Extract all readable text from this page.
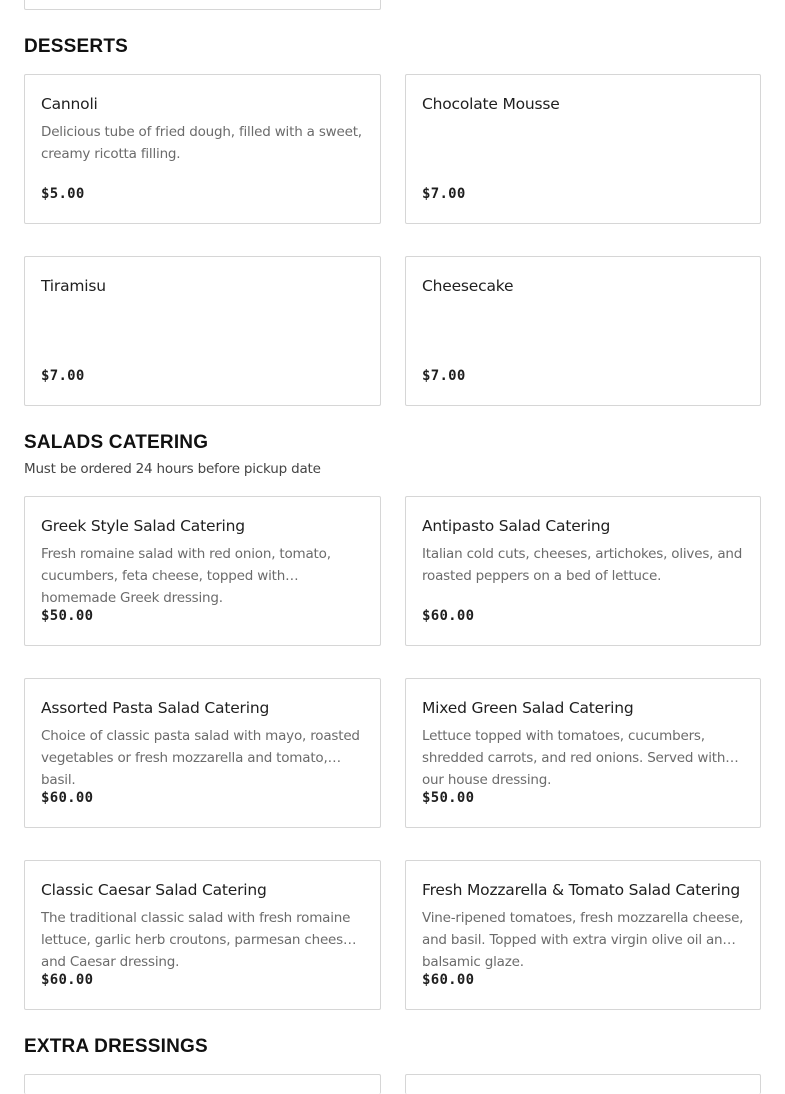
DESSERTS
Cannoli
Delicious tube of fried dough, filled with a sweet, creamy ricotta filling.
$5.00
Chocolate Mousse
$7.00
Tiramisu
$7.00
Cheesecake
$7.00
SALADS CATERING
Must be ordered 24 hours before pickup date
Greek Style Salad Catering
Fresh romaine salad with red onion, tomato, cucumbers, feta cheese, topped with homemade Greek dressing.
$50.00
Antipasto Salad Catering
Italian cold cuts, cheeses, artichokes, olives, and roasted peppers on a bed of lettuce.
$60.00
Assorted Pasta Salad Catering
Choice of classic pasta salad with mayo, roasted vegetables or fresh mozzarella and tomato, basil.
$60.00
Mixed Green Salad Catering
Lettuce topped with tomatoes, cucumbers, shredded carrots, and red onions. Served with our house dressing.
$50.00
Classic Caesar Salad Catering
The traditional classic salad with fresh romaine lettuce, garlic herb croutons, parmesan cheese and Caesar dressing.
$60.00
Fresh Mozzarella & Tomato Salad Catering
Vine-ripened tomatoes, fresh mozzarella cheese, and basil. Topped with extra virgin olive oil and balsamic glaze.
$60.00
EXTRA DRESSINGS
